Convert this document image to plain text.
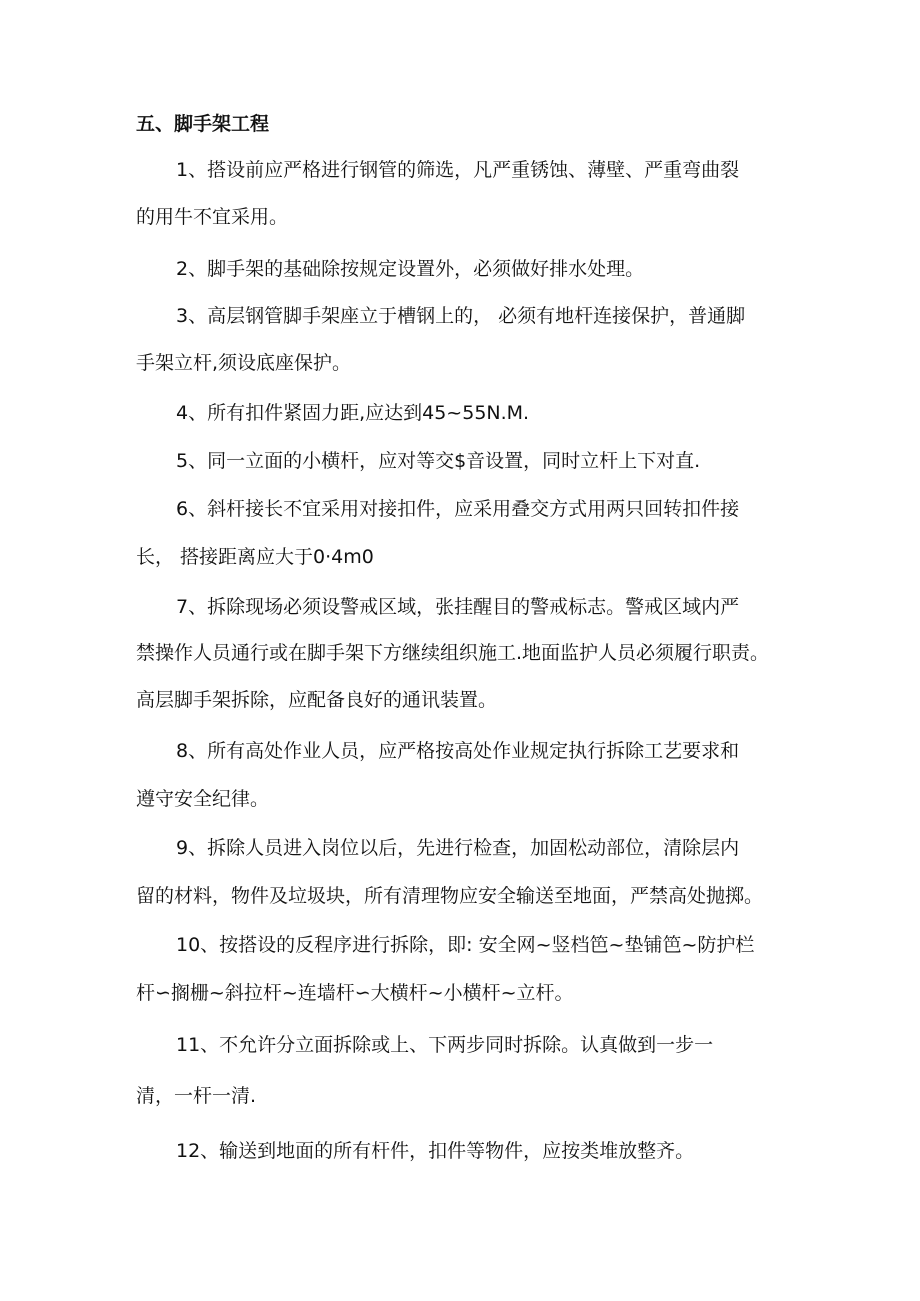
五、脚手架工程
1、搭设前应严格进行钢管的筛选，凡严重锈蚀、薄壁、严重弯曲裂
的用牛不宜采用。
2、脚手架的基础除按规定设置外，必须做好排水处理。
3、高层钢管脚手架座立于槽钢上的， 必须有地杆连接保护，普通脚
手架立杆,须设底座保护。
4、所有扣件紧固力距,应达到45~55N.M.
5、同一立面的小横杆，应对等交$音设置，同时立杆上下对直.
6、斜杆接长不宜采用对接扣件，应采用叠交方式用两只回转扣件接
长， 搭接距离应大于0·4m0
7、拆除现场必须设警戒区域，张挂醒目的警戒标志。警戒区域内严
禁操作人员通行或在脚手架下方继续组织施工.地面监护人员必须履行职责。
高层脚手架拆除，应配备良好的通讯装置。
8、所有高处作业人员，应严格按高处作业规定执行拆除工艺要求和
遵守安全纪律。
9、拆除人员进入岗位以后，先进行检查，加固松动部位，清除层内
留的材料，物件及垃圾块，所有清理物应安全输送至地面，严禁高处抛掷。
10、按搭设的反程序进行拆除，即: 安全网~竖档笆~垫铺笆~防护栏
杆∽搁栅~斜拉杆~连墙杆∽大横杆~小横杆~立杆。
11、不允许分立面拆除或上、下两步同时拆除。认真做到一步一
清，一杆一清.
12、输送到地面的所有杆件，扣件等物件，应按类堆放整齐。
